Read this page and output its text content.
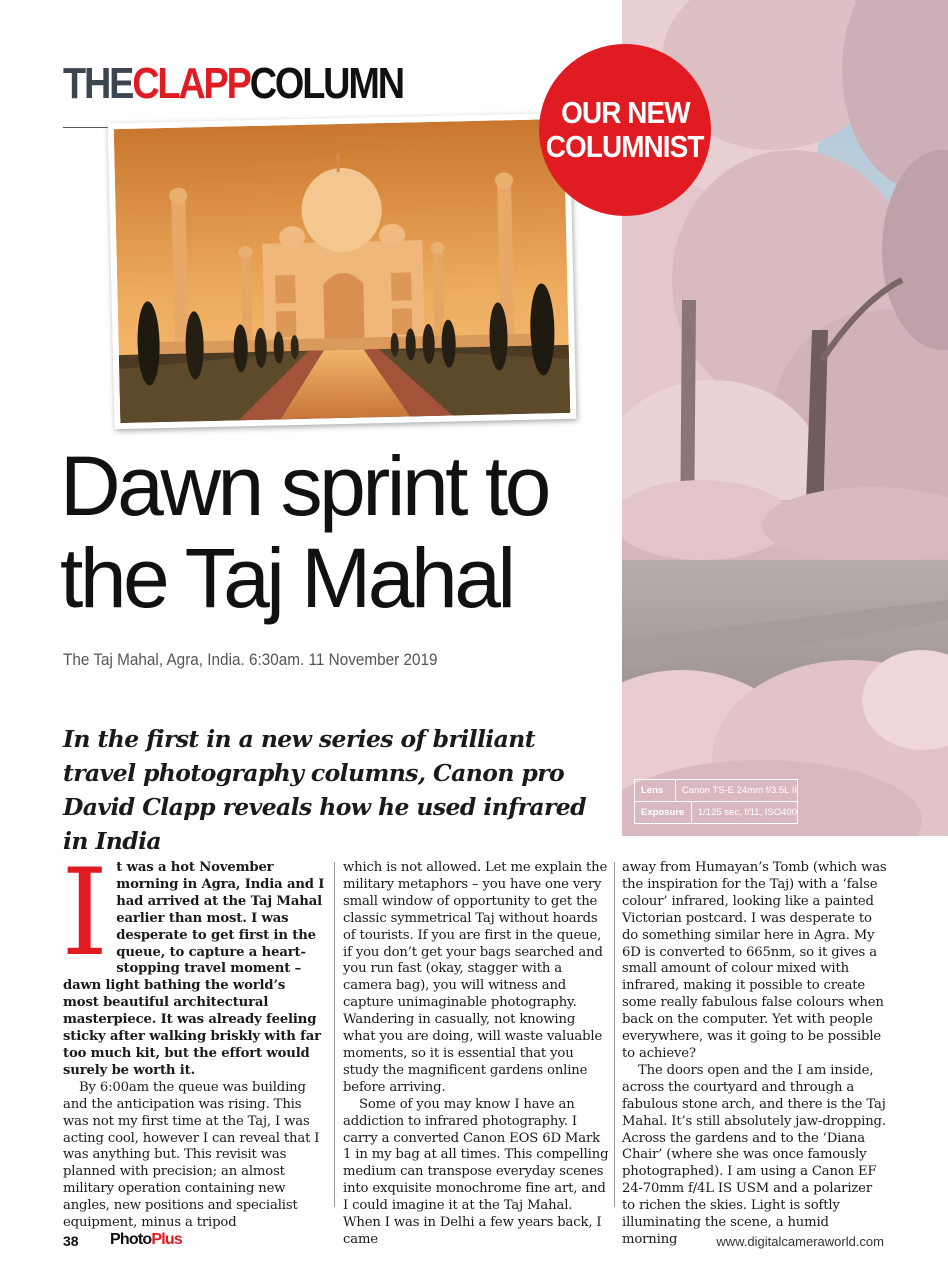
THECLAPPCOLUMN
OUR NEW
COLUMNIST
Dawn sprint to
the Taj Mahal
The Taj Mahal, Agra, India. 6:30am. 11 November 2019

In the first in a new series of brilliant travel photography columns, Canon pro David Clapp reveals how he used infrared in India

Lens	Canon TS-E 24mm f/3.5L II
Exposure	1/125 sec, f/11, ISO400

It was a hot November morning in Agra, India and I had arrived at the Taj Mahal earlier than most. I was desperate to get first in the queue, to capture a heart-stopping travel moment – dawn light bathing the world’s most beautiful architectural masterpiece. It was already feeling sticky after walking briskly with far too much kit, but the effort would surely be worth it.

By 6:00am the queue was building and the anticipation was rising. This was not my first time at the Taj, I was acting cool, however I can reveal that I was anything but. This revisit was planned with precision; an almost military operation containing new angles, new positions and specialist equipment, minus a tripod

which is not allowed. Let me explain the military metaphors – you have one very small window of opportunity to get the classic symmetrical Taj without hoards of tourists. If you are first in the queue, if you don’t get your bags searched and you run fast (okay, stagger with a camera bag), you will witness and capture unimaginable photography. Wandering in casually, not knowing what you are doing, will waste valuable moments, so it is essential that you study the magnificent gardens online before arriving.

Some of you may know I have an addiction to infrared photography. I carry a converted Canon EOS 6D Mark 1 in my bag at all times. This compelling medium can transpose everyday scenes into exquisite monochrome fine art, and I could imagine it at the Taj Mahal. When I was in Delhi a few years back, I came

away from Humayan’s Tomb (which was the inspiration for the Taj) with a ‘false colour’ infrared, looking like a painted Victorian postcard. I was desperate to do something similar here in Agra. My 6D is converted to 665nm, so it gives a small amount of colour mixed with infrared, making it possible to create some really fabulous false colours when back on the computer. Yet with people everywhere, was it going to be possible to achieve?

The doors open and the I am inside, across the courtyard and through a fabulous stone arch, and there is the Taj Mahal. It’s still absolutely jaw-dropping. Across the gardens and to the ‘Diana Chair’ (where she was once famously photographed). I am using a Canon EF 24-70mm f/4L IS USM and a polarizer to richen the skies. Light is softly illuminating the scene, a humid morning

38 PhotoPlus	www.digitalcameraworld.com
